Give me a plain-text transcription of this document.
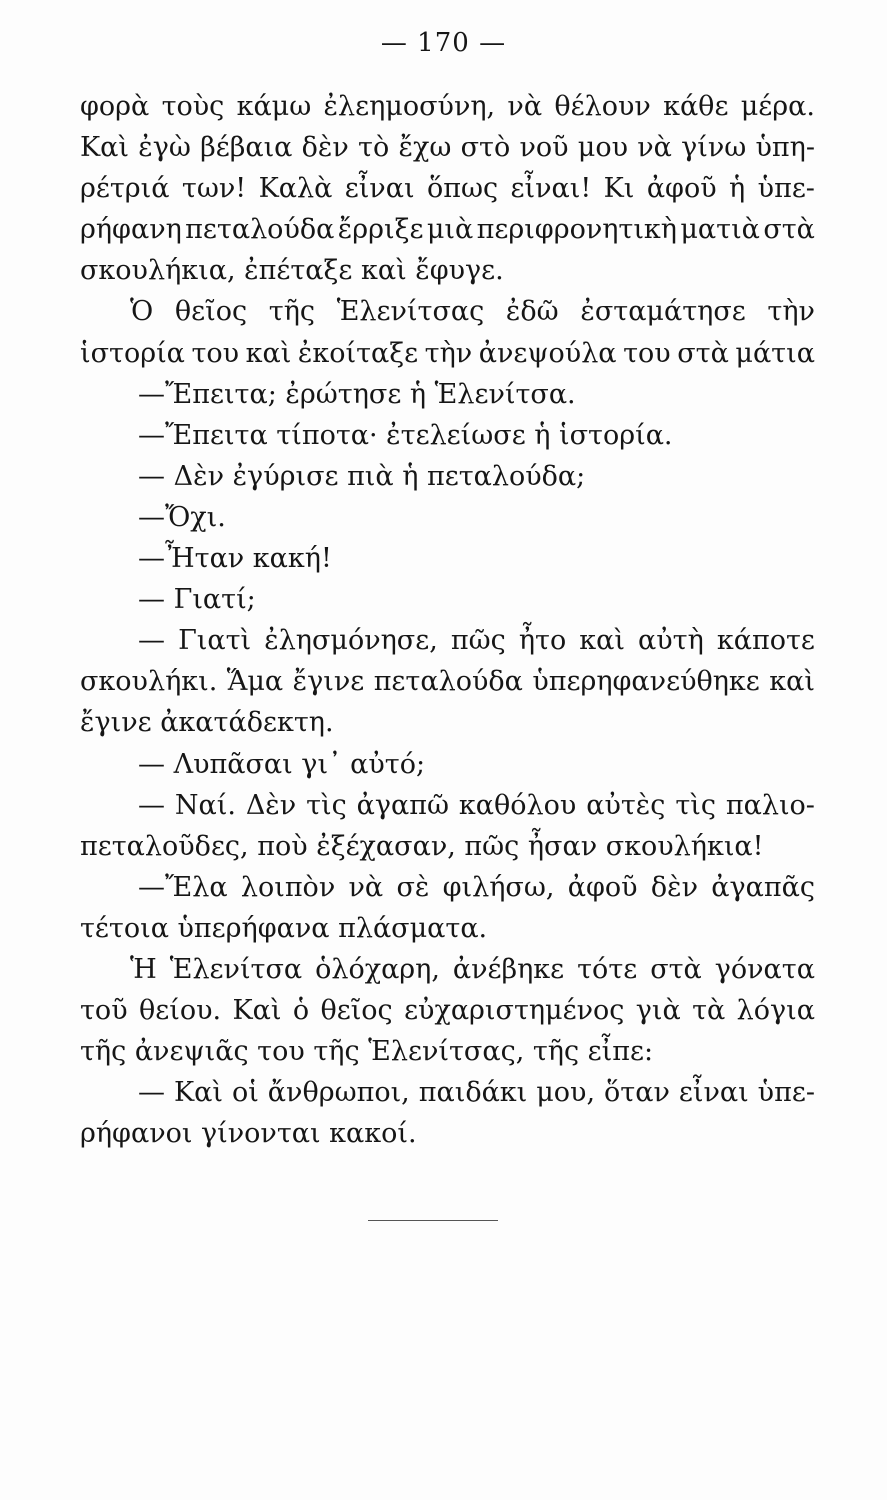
— 170 —
φορὰ τοὺς κάμω ἐλεημοσύνη, νὰ θέλουν κάθε μέρα.
Καὶ ἐγὼ βέβαια δὲν τὸ ἔχω στὸ νοῦ μου νὰ γίνω ὑπη-
ρέτριά των! Καλὰ εἶναι ὅπως εἶναι! Κι ἀφοῦ ἡ ὑπε-
ρήφανη πεταλούδα ἔρριξε μιὰ περιφρονητικὴ ματιὰ στὰ
σκουλήκια, ἐπέταξε καὶ ἔφυγε.
Ὁ θεῖος τῆς Ἑλενίτσας ἐδῶ ἐσταμάτησε τὴν
ἱστορία του καὶ ἐκοίταξε τὴν ἀνεψούλα του στὰ μάτια
—Ἔπειτα; ἐρώτησε ἡ Ἑλενίτσα.
—Ἔπειτα τίποτα· ἐτελείωσε ἡ ἱστορία.
— Δὲν ἐγύρισε πιὰ ἡ πεταλούδα;
—Ὄχι.
—Ἦταν κακή!
— Γιατί;
— Γιατὶ ἐλησμόνησε, πῶς ἦτο καὶ αὐτὴ κάποτε
σκουλήκι. Ἅμα ἔγινε πεταλούδα ὑπερηφανεύθηκε καὶ
ἔγινε ἀκατάδεκτη.
— Λυπᾶσαι γι᾽ αὐτό;
— Ναί. Δὲν τὶς ἀγαπῶ καθόλου αὐτὲς τὶς παλιο-
πεταλοῦδες, ποὺ ἐξέχασαν, πῶς ἦσαν σκουλήκια!
—Ἔλα λοιπὸν νὰ σὲ φιλήσω, ἀφοῦ δὲν ἀγαπᾶς
τέτοια ὑπερήφανα πλάσματα.
Ἡ Ἑλενίτσα ὁλόχαρη, ἀνέβηκε τότε στὰ γόνατα
τοῦ θείου. Καὶ ὁ θεῖος εὐχαριστημένος γιὰ τὰ λόγια
τῆς ἀνεψιᾶς του τῆς Ἑλενίτσας, τῆς εἶπε:
— Καὶ οἱ ἄνθρωποι, παιδάκι μου, ὅταν εἶναι ὑπε-
ρήφανοι γίνονται κακοί.
